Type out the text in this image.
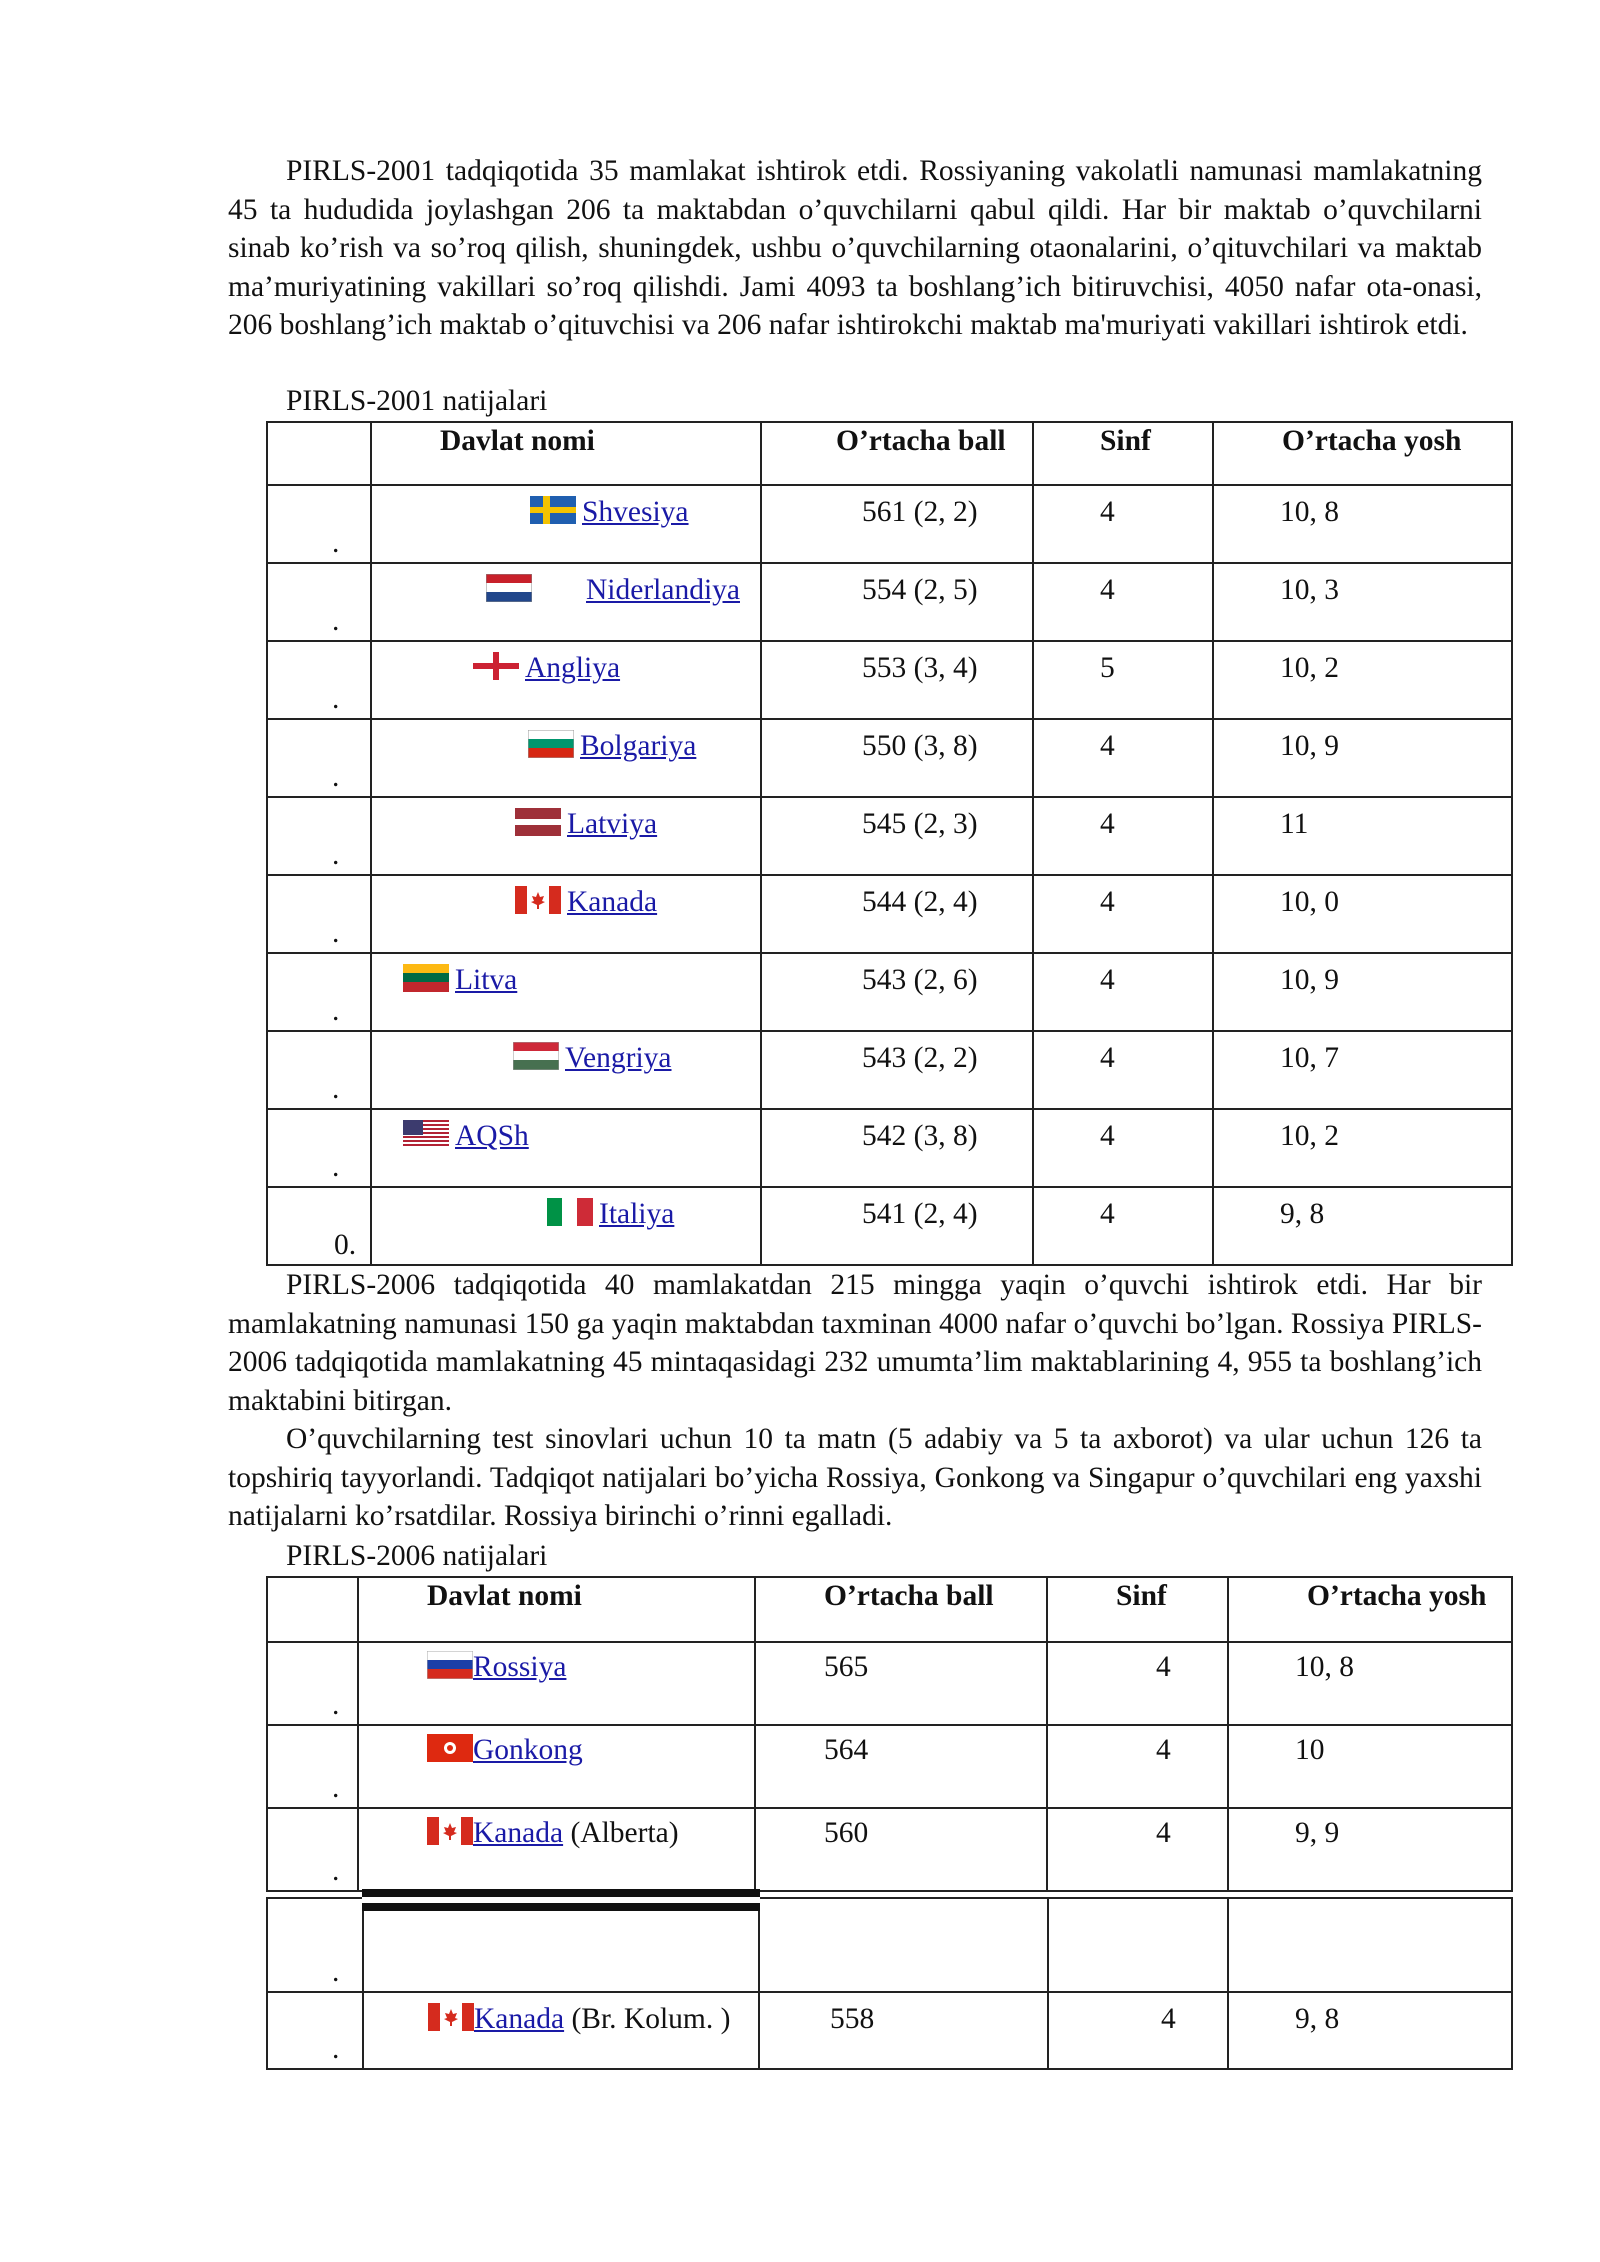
PIRLS-2001 tadqiqotida 35 mamlakat ishtirok etdi. Rossiyaning vakolatli namunasi mamlakatning 45 ta hududida joylashgan 206 ta maktabdan o’quvchilarni qabul qildi. Har bir maktab o’quvchilarni sinab ko’rish va so’roq qilish, shuningdek, ushbu o’quvchilarning otaonalarini, o’qituvchilari va maktab ma’muriyatining vakillari so’roq qilishdi. Jami 4093 ta boshlang’ich bitiruvchisi, 4050 nafar ota-onasi, 206 boshlang’ich maktab o’qituvchisi va 206 nafar ishtirokchi maktab ma'muriyati vakillari ishtirok etdi.

PIRLS-2001 natijalari

	Davlat nomi	O’rtacha ball	Sinf	O’rtacha yosh

.	Shvesiya	561 (2, 2)	4	10, 8

.	Niderlandiya	554 (2, 5)	4	10, 3

.	Angliya	553 (3, 4)	5	10, 2

.	Bolgariya	550 (3, 8)	4	10, 9

.	Latviya	545 (2, 3)	4	11

.	Kanada	544 (2, 4)	4	10, 0

.	Litva	543 (2, 6)	4	10, 9

.	Vengriya	543 (2, 2)	4	10, 7

.	AQSh	542 (3, 8)	4	10, 2

0.	Italiya	541 (2, 4)	4	9, 8

PIRLS-2006 tadqiqotida 40 mamlakatdan 215 mingga yaqin o’quvchi ishtirok etdi. Har bir mamlakatning namunasi 150 ga yaqin maktabdan taxminan 4000 nafar o’quvchi bo’lgan. Rossiya PIRLS-2006 tadqiqotida mamlakatning 45 mintaqasidagi 232 umumta’lim maktablarining 4, 955 ta boshlang’ich maktabini bitirgan.

O’quvchilarning test sinovlari uchun 10 ta matn (5 adabiy va 5 ta axborot) va ular uchun 126 ta topshiriq tayyorlandi. Tadqiqot natijalari bo’yicha Rossiya, Gonkong va Singapur o’quvchilari eng yaxshi natijalarni ko’rsatdilar. Rossiya birinchi o’rinni egalladi.

PIRLS-2006 natijalari

	Davlat nomi	O’rtacha ball	Sinf	O’rtacha yosh

.	Rossiya	565	4	10, 8

.	Gonkong	564	4	10

.	Kanada (Alberta)	560	4	9, 9
.				

.	Kanada (Br. Kolum. )	558	4	9, 8
